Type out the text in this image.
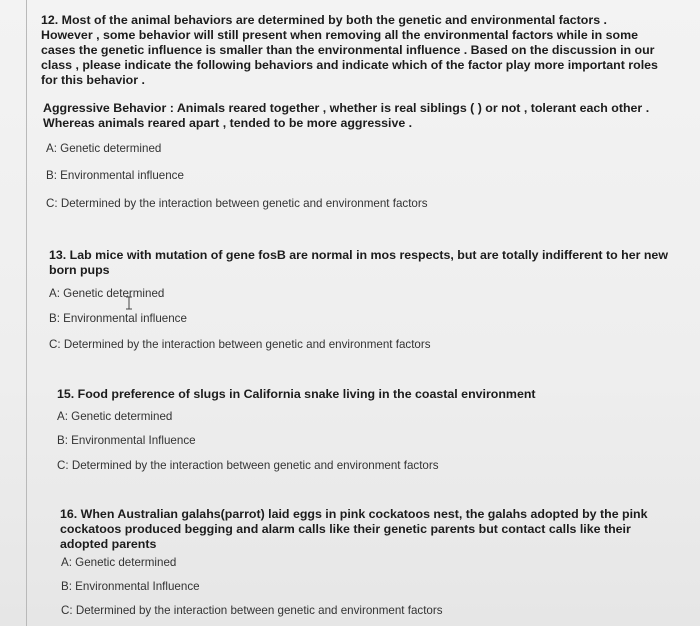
12. Most of the animal behaviors are determined by both the genetic and environmental factors .

However , some behavior will still present when removing all the environmental factors while in some

cases the genetic influence is smaller than the environmental influence . Based on the discussion in our

class , please indicate the following behaviors and indicate which of the factor play more important roles

for this behavior .

Aggressive Behavior : Animals reared together , whether is real siblings ( ) or not , tolerant each other .

Whereas animals reared apart , tended to be more aggressive .

A: Genetic determined

B: Environmental influence

C: Determined by the interaction between genetic and environment factors

13. Lab mice with mutation of gene fosB are normal in mos respects, but are totally indifferent to her new

born pups

A: Genetic determined

B: Environmental influence

C: Determined by the interaction between genetic and environment factors

15. Food preference of slugs in California snake living in the coastal environment

A: Genetic determined

B: Environmental Influence

C: Determined by the interaction between genetic and environment factors

16. When Australian galahs(parrot) laid eggs in pink cockatoos nest, the galahs adopted by the pink

cockatoos produced begging and alarm calls like their genetic parents but contact calls like their

adopted parents

A: Genetic determined

B: Environmental Influence

C: Determined by the interaction between genetic and environment factors
